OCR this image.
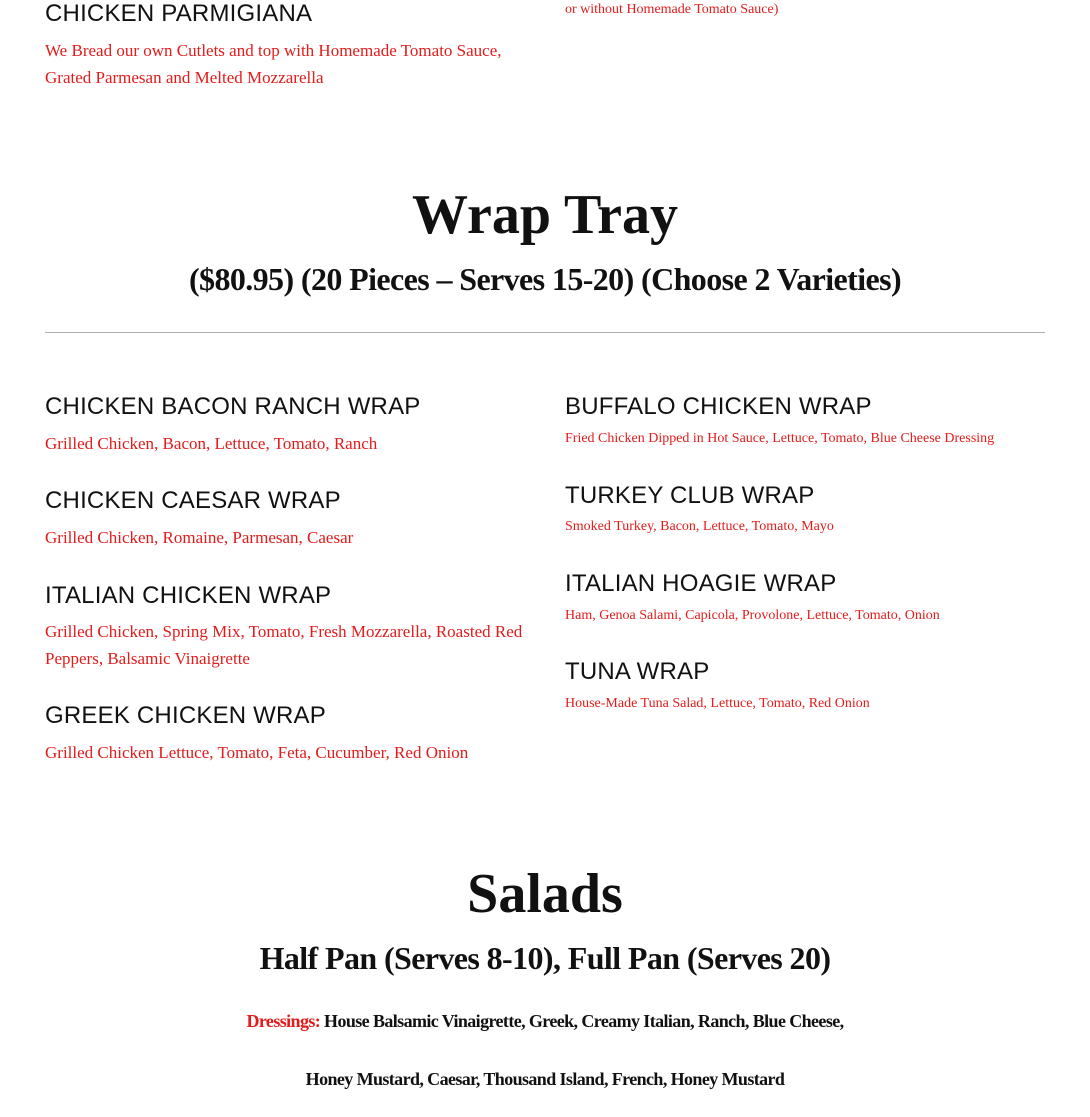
CHICKEN PARMIGIANA
We Bread our own Cutlets and top with Homemade Tomato Sauce, Grated Parmesan and Melted Mozzarella
or without Homemade Tomato Sauce)
Wrap Tray
($80.95) (20 Pieces – Serves 15-20) (Choose 2 Varieties)
CHICKEN BACON RANCH WRAP
Grilled Chicken, Bacon, Lettuce, Tomato, Ranch
CHICKEN CAESAR WRAP
Grilled Chicken, Romaine, Parmesan, Caesar
ITALIAN CHICKEN WRAP
Grilled Chicken, Spring Mix, Tomato, Fresh Mozzarella, Roasted Red Peppers, Balsamic Vinaigrette
GREEK CHICKEN WRAP
Grilled Chicken Lettuce, Tomato, Feta, Cucumber, Red Onion
BUFFALO CHICKEN WRAP
Fried Chicken Dipped in Hot Sauce, Lettuce, Tomato, Blue Cheese Dressing
TURKEY CLUB WRAP
Smoked Turkey, Bacon, Lettuce, Tomato, Mayo
ITALIAN HOAGIE WRAP
Ham, Genoa Salami, Capicola, Provolone, Lettuce, Tomato, Onion
TUNA WRAP
House-Made Tuna Salad, Lettuce, Tomato, Red Onion
Salads
Half Pan (Serves 8-10), Full Pan (Serves 20)
Dressings: House Balsamic Vinaigrette, Greek, Creamy Italian, Ranch, Blue Cheese,
Honey Mustard, Caesar, Thousand Island, French, Honey Mustard
